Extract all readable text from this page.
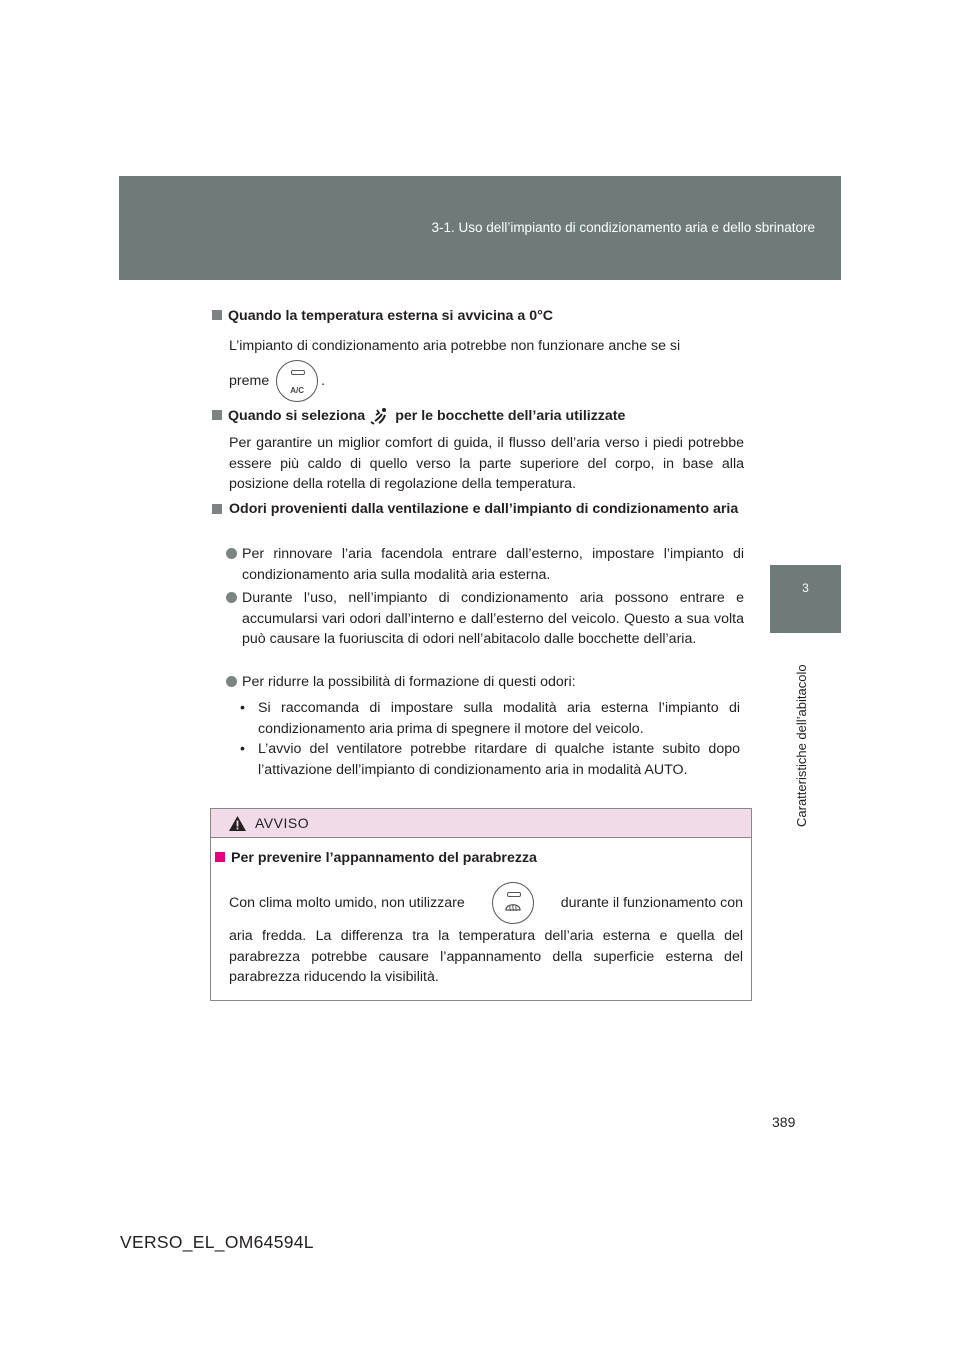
3-1. Uso dell’impianto di condizionamento aria e dello sbrinatore
3
Caratteristiche dell’abitacolo
Quando la temperatura esterna si avvicina a 0°C
L’impianto di condizionamento aria potrebbe non funzionare anche se si
preme
A/C
.
Quando si seleziona per le bocchette dell’aria utilizzate
Per garantire un miglior comfort di guida, il flusso dell’aria verso i piedi potrebbe essere più caldo di quello verso la parte superiore del corpo, in base alla posizione della rotella di regolazione della temperatura.
Odori provenienti dalla ventilazione e dall’impianto di condizionamento aria
Per rinnovare l’aria facendola entrare dall’esterno, impostare l’impianto di condizionamento aria sulla modalità aria esterna.
Durante l’uso, nell’impianto di condizionamento aria possono entrare e accumularsi vari odori dall’interno e dall’esterno del veicolo. Questo a sua volta può causare la fuoriuscita di odori nell’abitacolo dalle bocchette dell’aria.
Per ridurre la possibilità di formazione di questi odori:
• Si raccomanda di impostare sulla modalità aria esterna l’impianto di condizionamento aria prima di spegnere il motore del veicolo.
• L’avvio del ventilatore potrebbe ritardare di qualche istante subito dopo l’attivazione dell’impianto di condizionamento aria in modalità AUTO.
AVVISO
Per prevenire l’appannamento del parabrezza
Con clima molto umido, non utilizzare	durante il funzionamento con
aria fredda. La differenza tra la temperatura dell’aria esterna e quella del parabrezza potrebbe causare l’appannamento della superficie esterna del parabrezza riducendo la visibilità.
389
VERSO_EL_OM64594L
